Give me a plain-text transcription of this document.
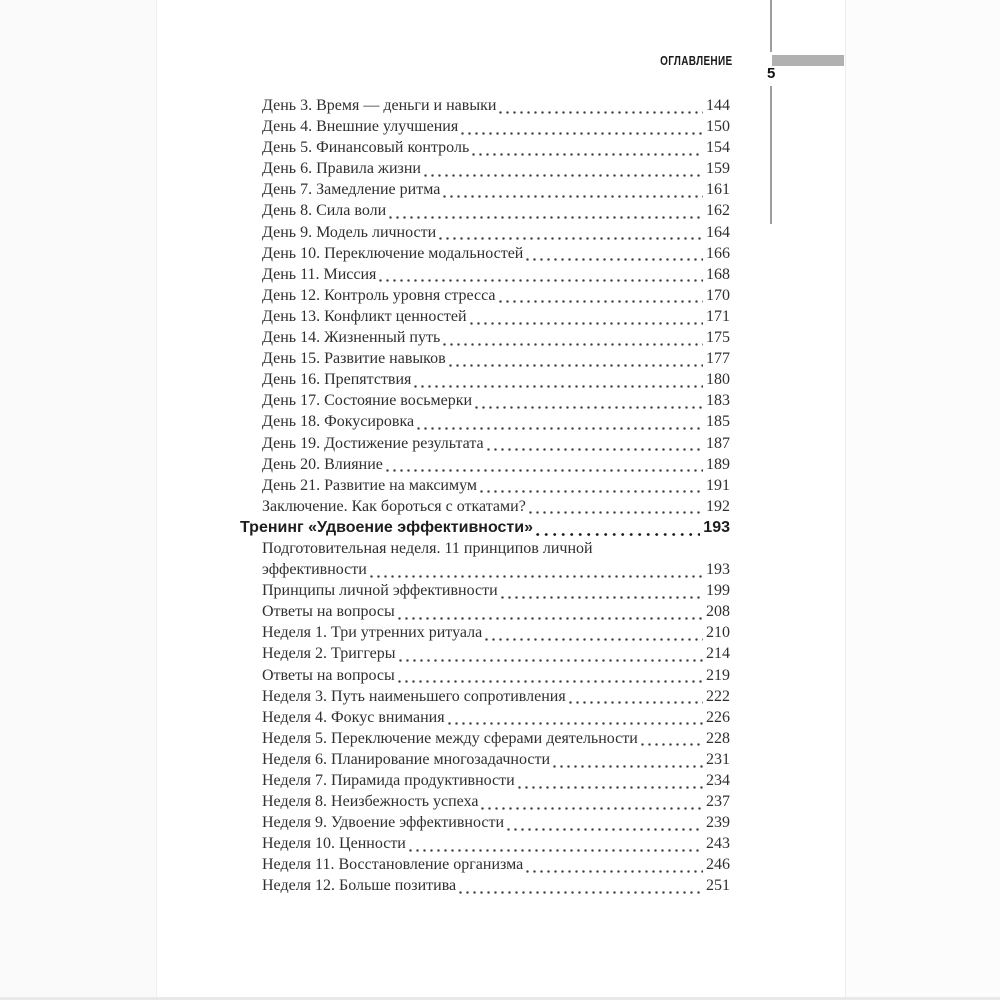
ОГЛАВЛЕНИЕ
5
День 3. Время — деньги и навыки	144
День 4. Внешние улучшения	150
День 5. Финансовый контроль	154
День 6. Правила жизни	159
День 7. Замедление ритма	161
День 8. Сила воли	162
День 9. Модель личности	164
День 10. Переключение модальностей	166
День 11. Миссия	168
День 12. Контроль уровня стресса	170
День 13. Конфликт ценностей	171
День 14. Жизненный путь	175
День 15. Развитие навыков	177
День 16. Препятствия	180
День 17. Состояние восьмерки	183
День 18. Фокусировка	185
День 19. Достижение результата	187
День 20. Влияние	189
День 21. Развитие на максимум	191
Заключение. Как бороться с откатами?	192
Тренинг «Удвоение эффективности»	193
Подготовительная неделя. 11 принципов личной
эффективности	193
Принципы личной эффективности	199
Ответы на вопросы	208
Неделя 1. Три утренних ритуала	210
Неделя 2. Триггеры	214
Ответы на вопросы	219
Неделя 3. Путь наименьшего сопротивления	222
Неделя 4. Фокус внимания	226
Неделя 5. Переключение между сферами деятельности	228
Неделя 6. Планирование многозадачности	231
Неделя 7. Пирамида продуктивности	234
Неделя 8. Неизбежность успеха	237
Неделя 9. Удвоение эффективности	239
Неделя 10. Ценности	243
Неделя 11. Восстановление организма	246
Неделя 12. Больше позитива	251
